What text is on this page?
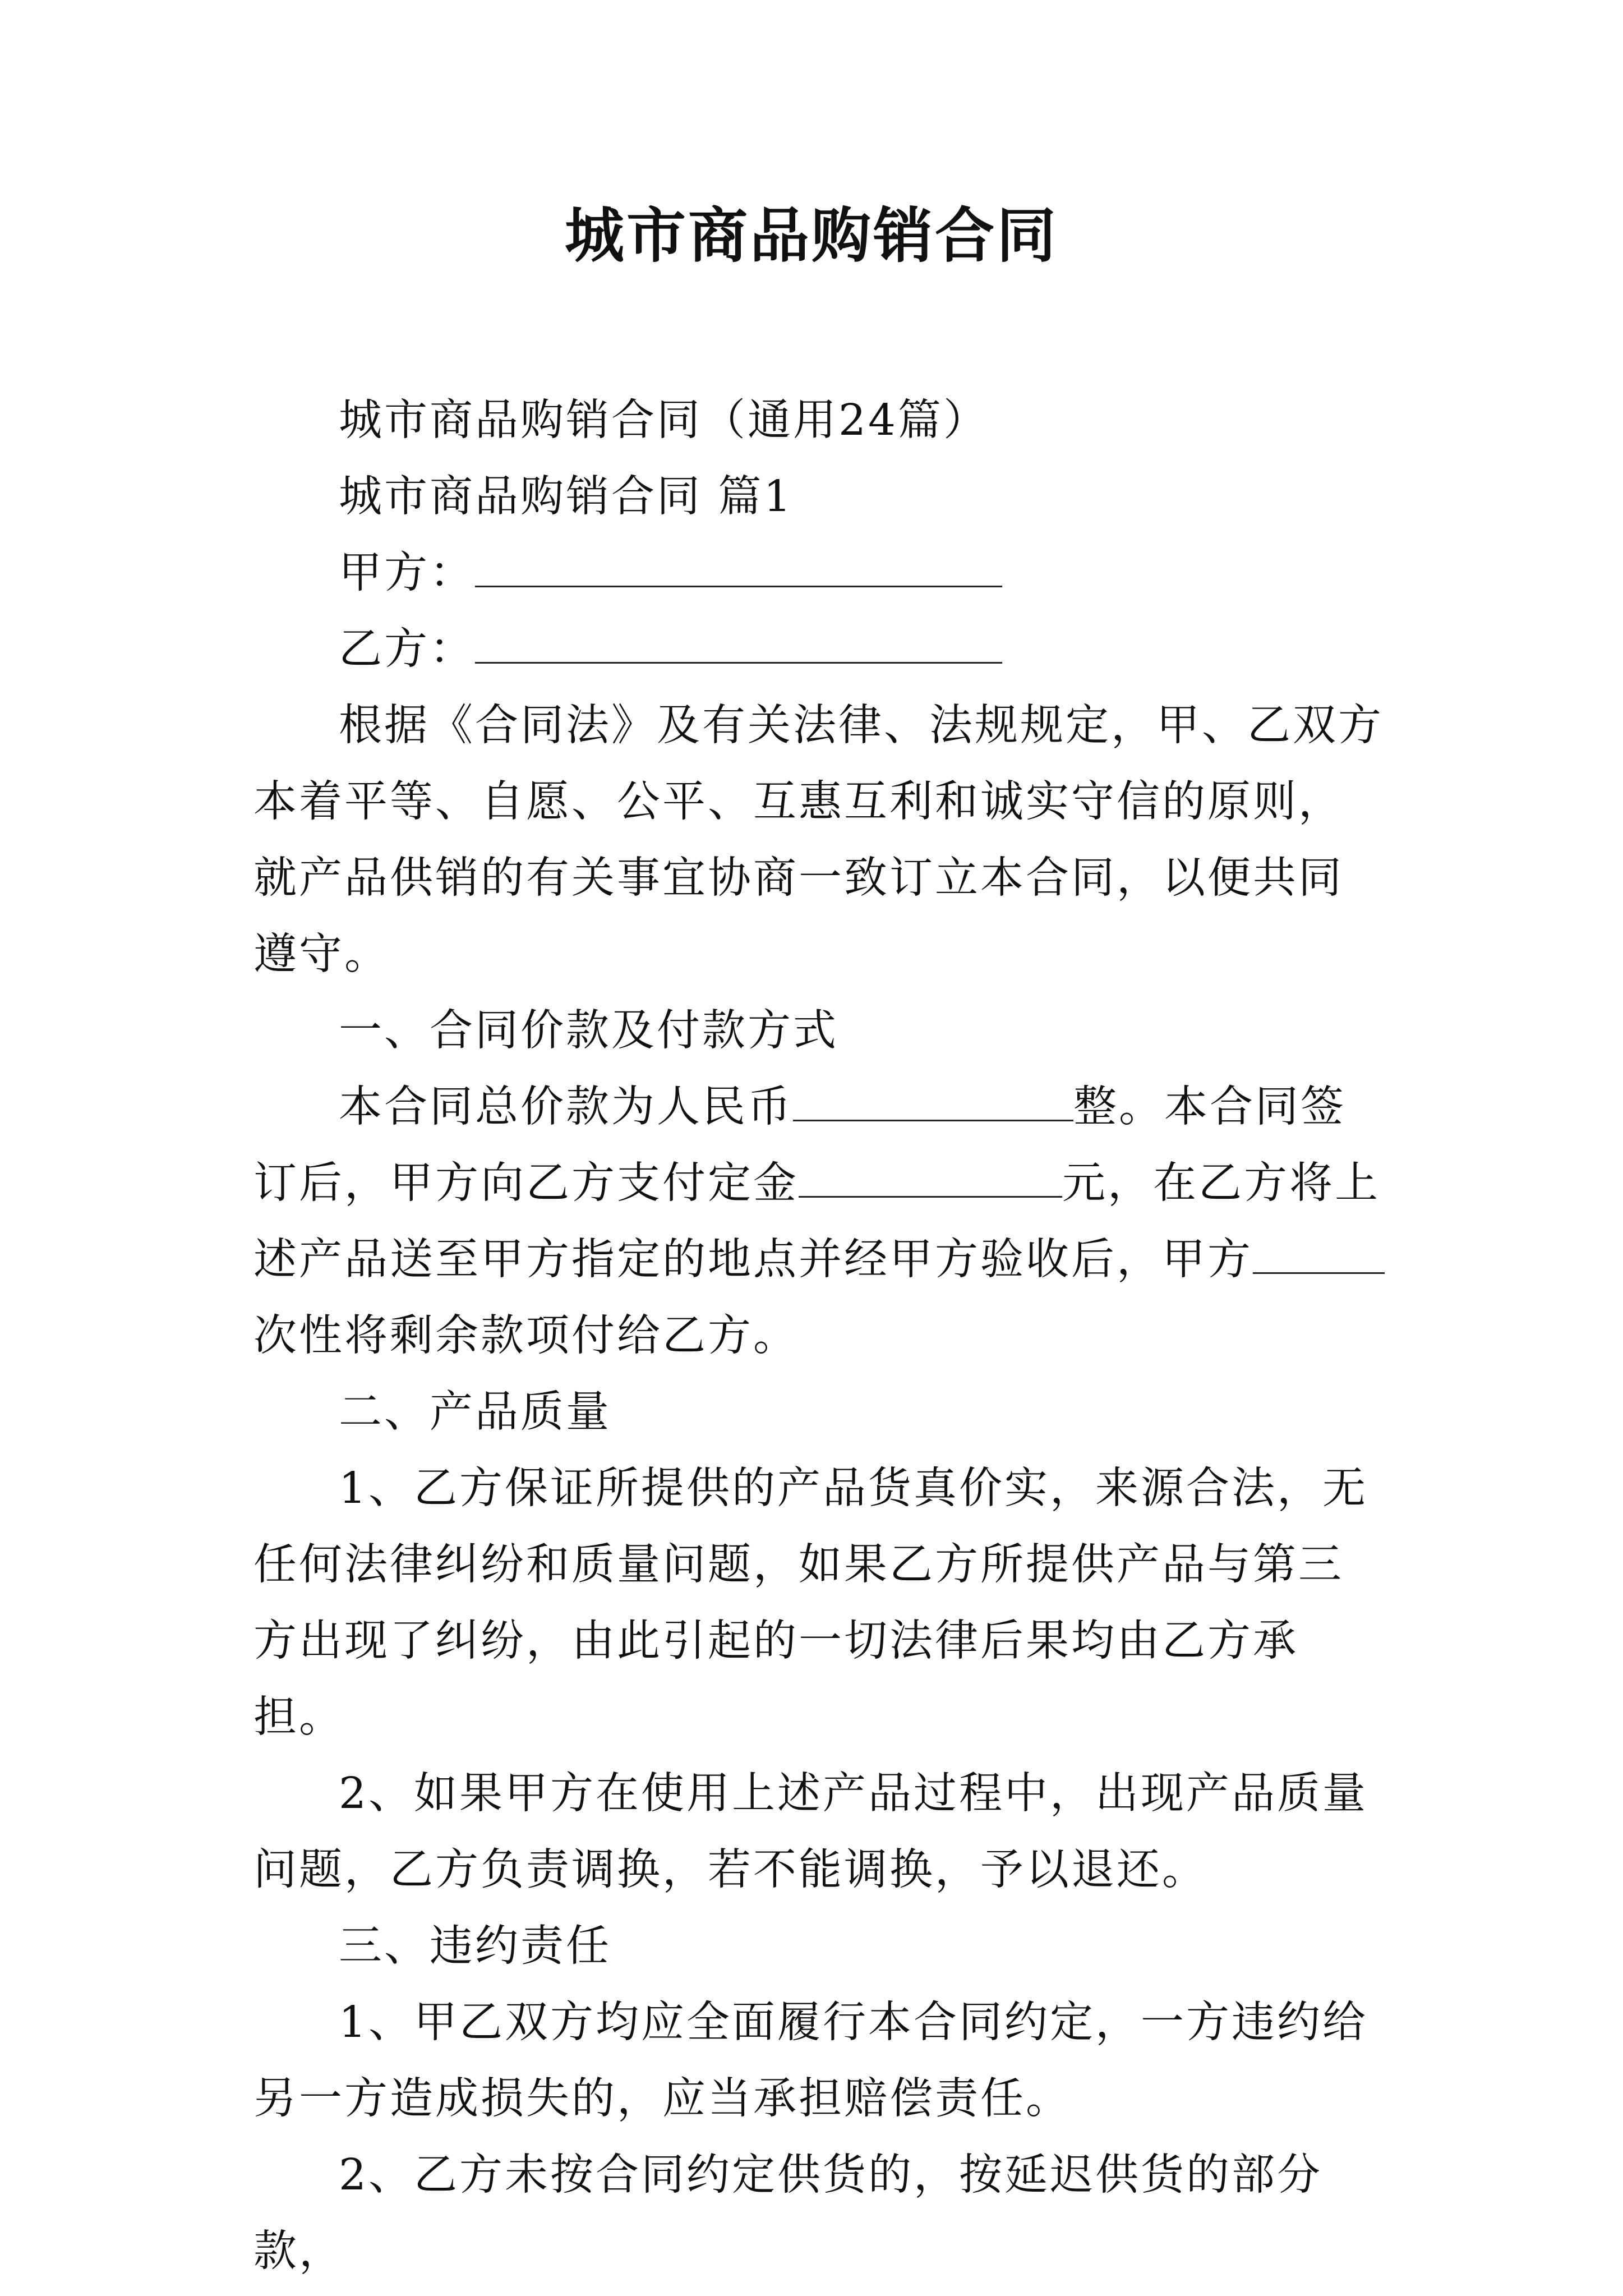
城市商品购销合同

城市商品购销合同（通用24篇）

城市商品购销合同 篇1

甲方：

乙方：

根据《合同法》及有关法律、法规规定，甲、乙双方本着平等、自愿、公平、互惠互利和诚实守信的原则，就产品供销的有关事宜协商一致订立本合同，以便共同遵守。

一、合同价款及付款方式

本合同总价款为人民币	整。本合同签订后，甲方向乙方支付定金	元，在乙方将上述产品送至甲方指定的地点并经甲方验收后，甲方次性将剩余款项付给乙方。

二、产品质量

1、乙方保证所提供的产品货真价实，来源合法，无任何法律纠纷和质量问题，如果乙方所提供产品与第三方出现了纠纷，由此引起的一切法律后果均由乙方承担。

2、如果甲方在使用上述产品过程中，出现产品质量问题，乙方负责调换，若不能调换，予以退还。

三、违约责任

1、甲乙双方均应全面履行本合同约定，一方违约给另一方造成损失的，应当承担赔偿责任。

2、乙方未按合同约定供货的，按延迟供货的部分款，
